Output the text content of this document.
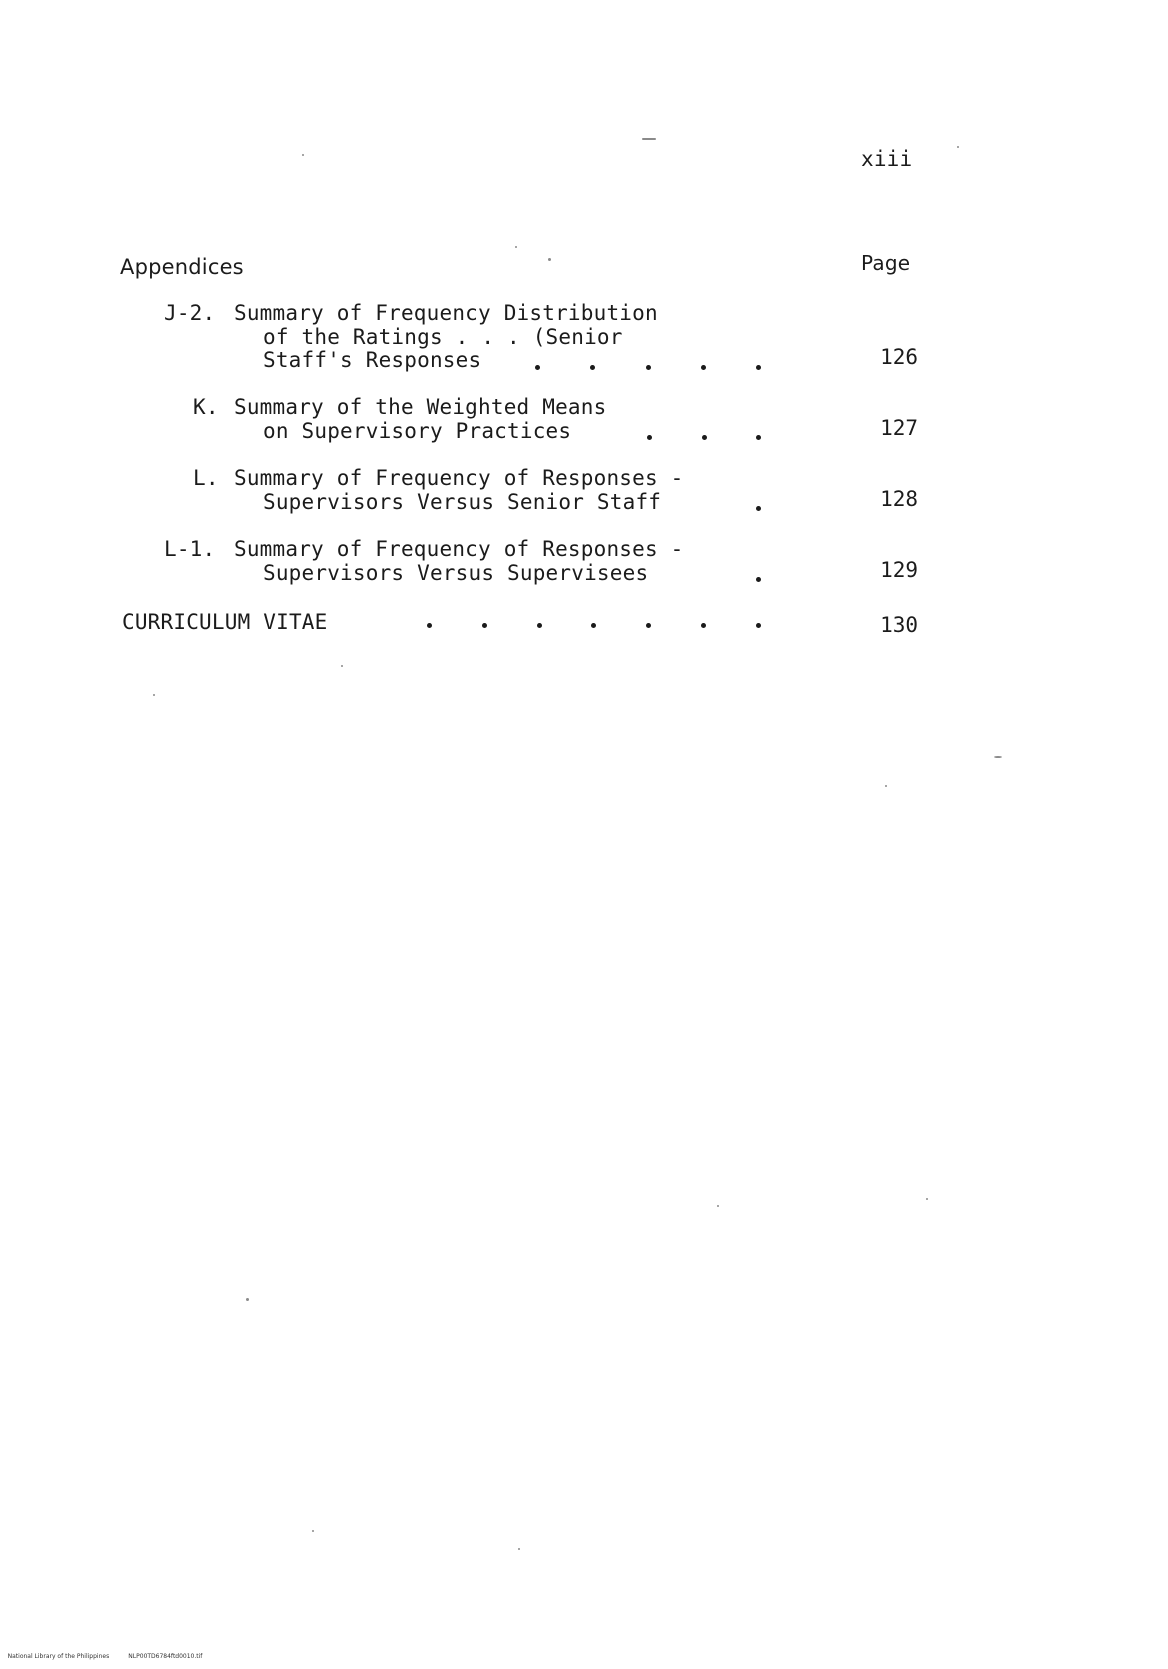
xiii
Appendices	Page
J-2. Summary of Frequency Distribution
of the Ratings . . . (Senior
Staff's Responses	126
K. Summary of the Weighted Means
on Supervisory Practices	127
L. Summary of Frequency of Responses -
Supervisors Versus Senior Staff	128
L-1. Summary of Frequency of Responses -
Supervisors Versus Supervisees	129
CURRICULUM VITAE	130

National Library of the Philippines	NLP00TD6784ftd0010.tif
